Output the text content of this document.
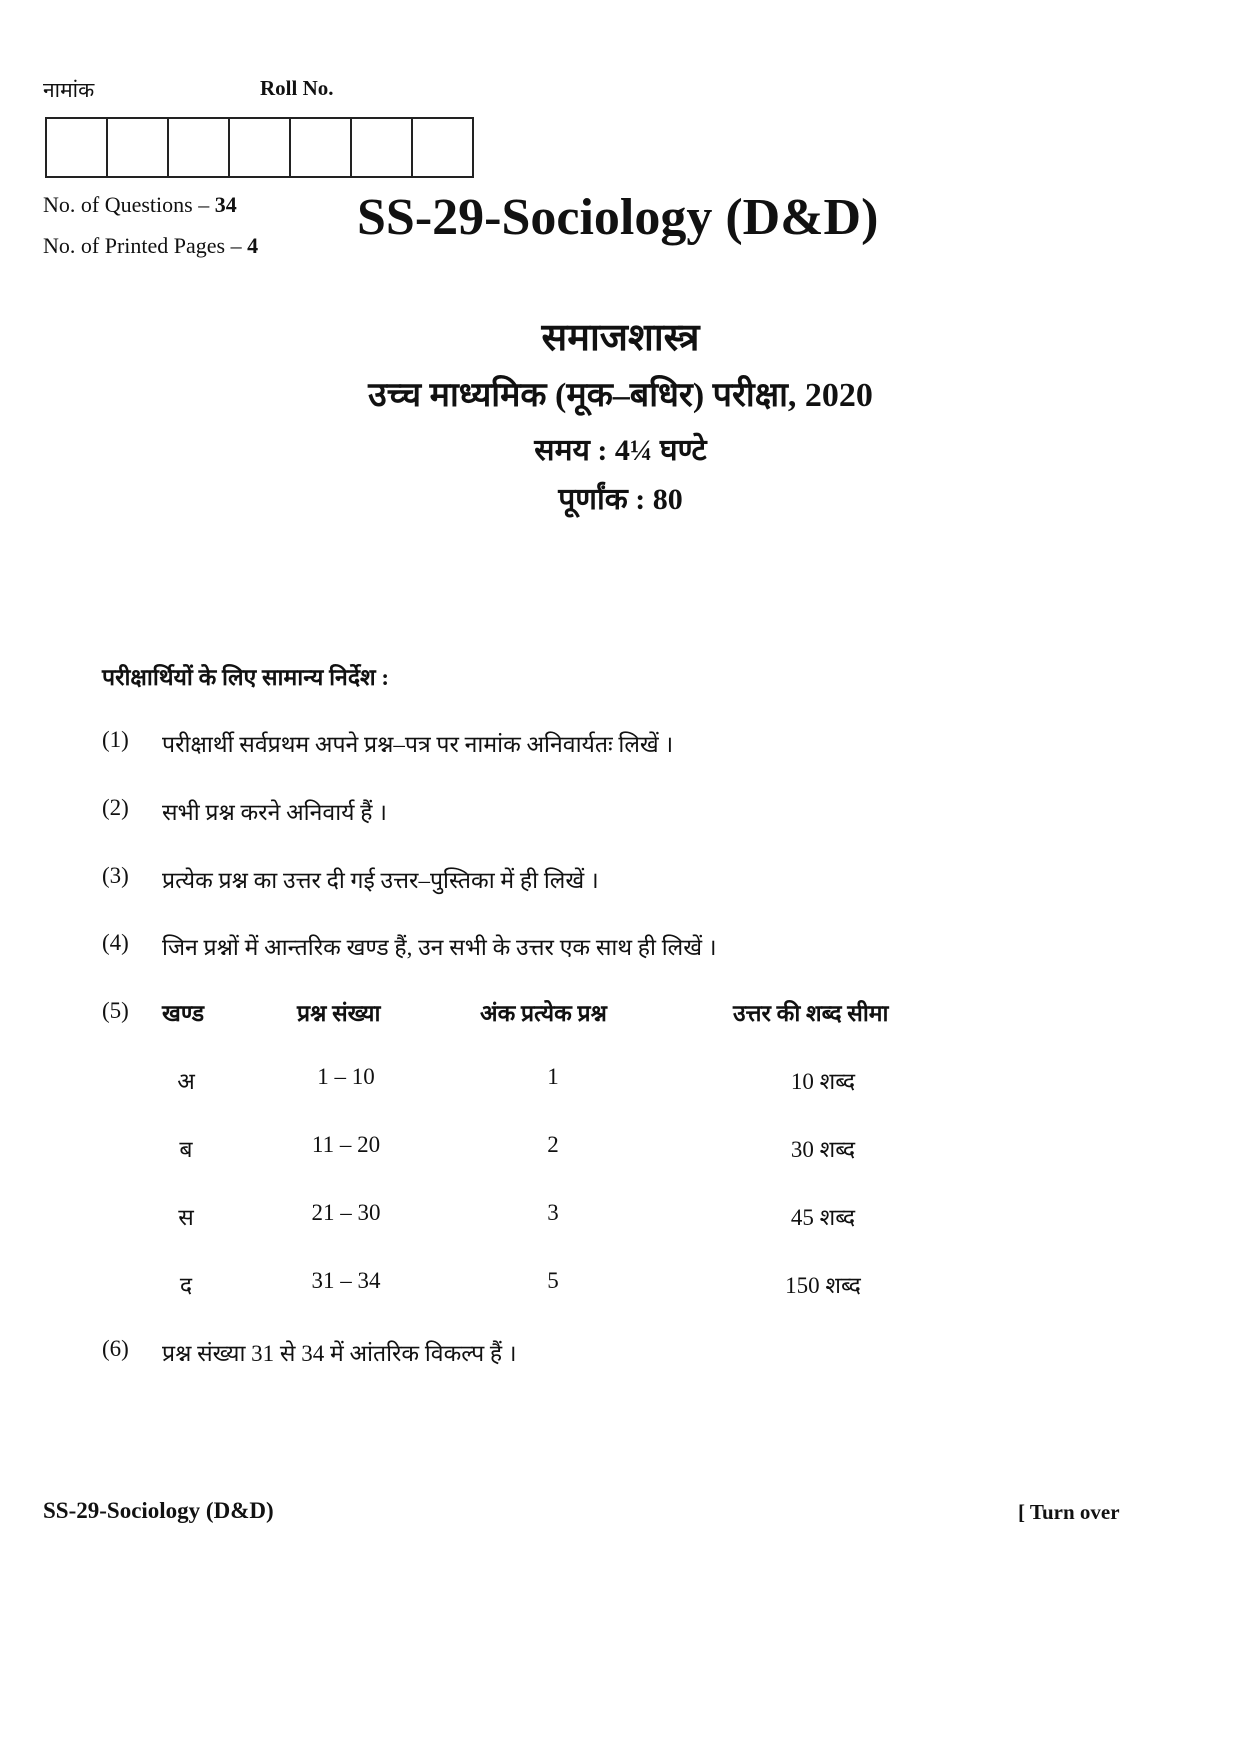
नामांक	Roll No.
No. of Questions – 34
No. of Printed Pages – 4 SS-29-Sociology (D&D)
समाजशास्त्र
उच्च माध्यमिक (मूक–बधिर) परीक्षा, 2020
समय : 4¼ घण्टे
पूर्णांक : 80
परीक्षार्थियों के लिए सामान्य निर्देश :
(1) परीक्षार्थी सर्वप्रथम अपने प्रश्न–पत्र पर नामांक अनिवार्यतः लिखें ।
(2) सभी प्रश्न करने अनिवार्य हैं ।
(3) प्रत्येक प्रश्न का उत्तर दी गई उत्तर–पुस्तिका में ही लिखें ।
(4) जिन प्रश्नों में आन्तरिक खण्ड हैं, उन सभी के उत्तर एक साथ ही लिखें ।
(5) खण्ड	प्रश्न संख्या	अंक प्रत्येक प्रश्न	उत्तर की शब्द सीमा
अ	1 – 10	1	10 शब्द
ब	11 – 20	2	30 शब्द
स	21 – 30	3	45 शब्द
द	31 – 34	5	150 शब्द
(6) प्रश्न संख्या 31 से 34 में आंतरिक विकल्प हैं ।
SS-29-Sociology (D&D)	[ Turn over
